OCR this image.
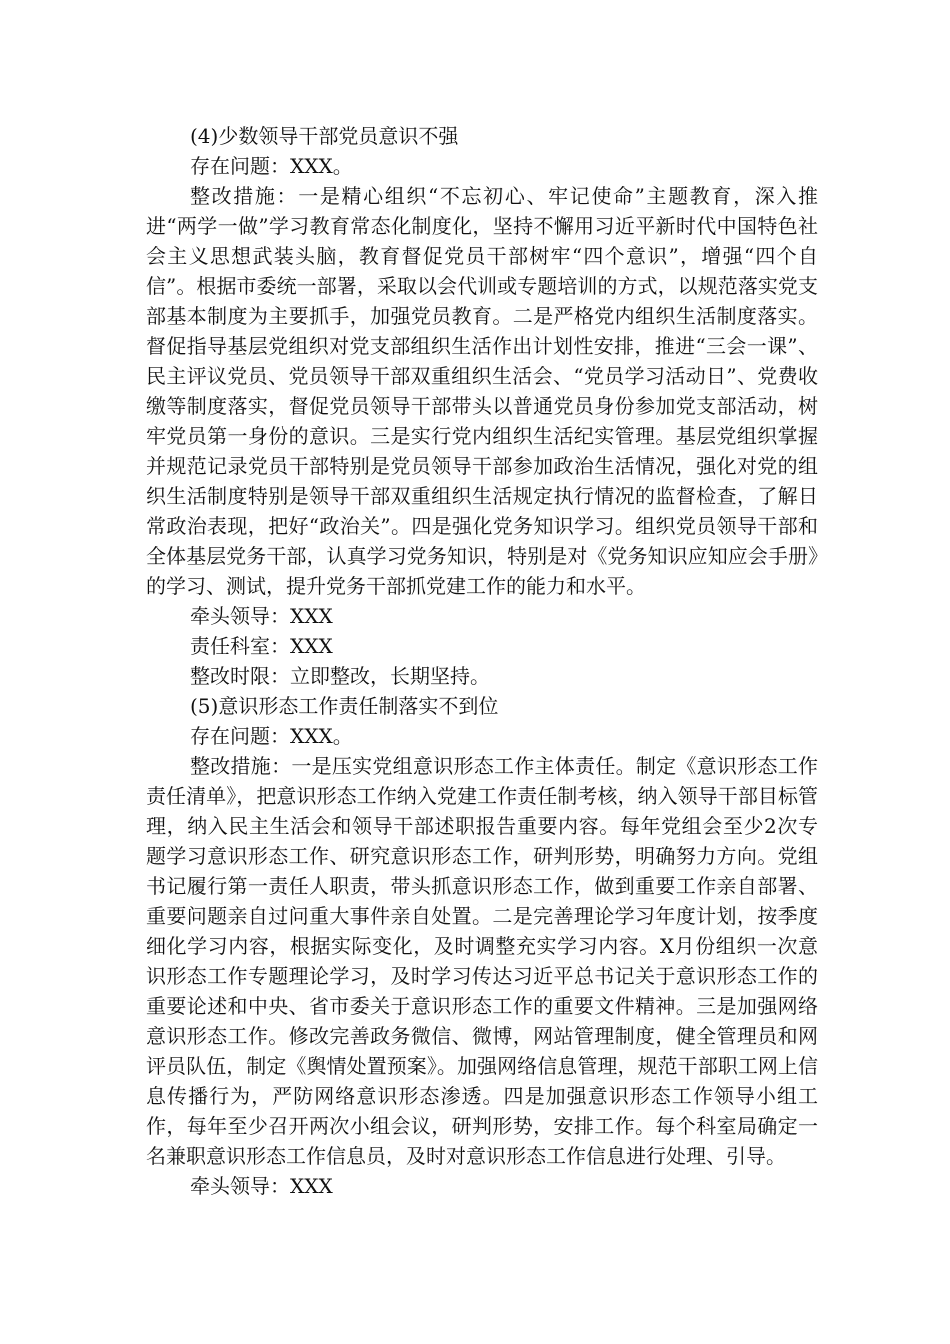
(4)少数领导干部党员意识不强

存在问题：XXX。

整改措施：一是精心组织“不忘初心、牢记使命”主题教育，深入推进“两学一做”学习教育常态化制度化，坚持不懈用习近平新时代中国特色社会主义思想武装头脑，教育督促党员干部树牢“四个意识”，增强“四个自信”。根据市委统一部署，采取以会代训或专题培训的方式，以规范落实党支部基本制度为主要抓手，加强党员教育。二是严格党内组织生活制度落实。督促指导基层党组织对党支部组织生活作出计划性安排，推进“三会一课”、民主评议党员、党员领导干部双重组织生活会、“党员学习活动日”、党费收缴等制度落实，督促党员领导干部带头以普通党员身份参加党支部活动，树牢党员第一身份的意识。三是实行党内组织生活纪实管理。基层党组织掌握并规范记录党员干部特别是党员领导干部参加政治生活情况，强化对党的组织生活制度特别是领导干部双重组织生活规定执行情况的监督检查，了解日常政治表现，把好“政治关”。四是强化党务知识学习。组织党员领导干部和全体基层党务干部，认真学习党务知识，特别是对《党务知识应知应会手册》的学习、测试，提升党务干部抓党建工作的能力和水平。

牵头领导：XXX

责任科室：XXX

整改时限：立即整改，长期坚持。

(5)意识形态工作责任制落实不到位

存在问题：XXX。

整改措施：一是压实党组意识形态工作主体责任。制定《意识形态工作责任清单》，把意识形态工作纳入党建工作责任制考核，纳入领导干部目标管理，纳入民主生活会和领导干部述职报告重要内容。每年党组会至少2次专题学习意识形态工作、研究意识形态工作，研判形势，明确努力方向。党组书记履行第一责任人职责，带头抓意识形态工作，做到重要工作亲自部署、重要问题亲自过问重大事件亲自处置。二是完善理论学习年度计划，按季度细化学习内容，根据实际变化，及时调整充实学习内容。X月份组织一次意识形态工作专题理论学习，及时学习传达习近平总书记关于意识形态工作的重要论述和中央、省市委关于意识形态工作的重要文件精神。三是加强网络意识形态工作。修改完善政务微信、微博，网站管理制度，健全管理员和网评员队伍，制定《舆情处置预案》。加强网络信息管理，规范干部职工网上信息传播行为，严防网络意识形态渗透。四是加强意识形态工作领导小组工作，每年至少召开两次小组会议，研判形势，安排工作。每个科室局确定一名兼职意识形态工作信息员，及时对意识形态工作信息进行处理、引导。

牵头领导：XXX
